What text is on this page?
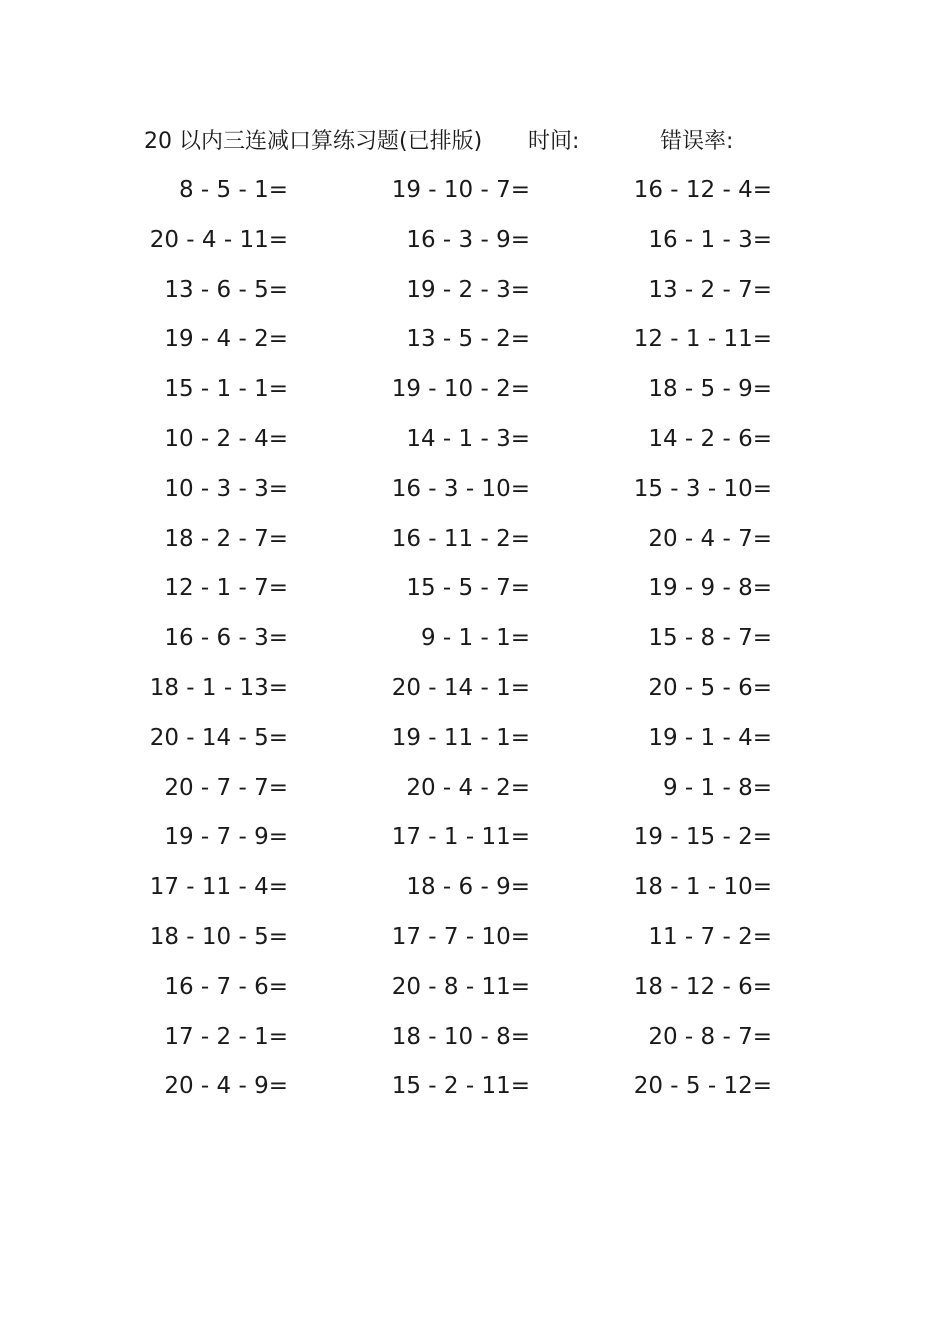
20 以内三连减口算练习题(已排版) 时间:	错误率:
8 - 5 - 1=	19 - 10 - 7=	16 - 12 - 4=
20 - 4 - 11=	16 - 3 - 9=	16 - 1 - 3=
13 - 6 - 5=	19 - 2 - 3=	13 - 2 - 7=
19 - 4 - 2=	13 - 5 - 2=	12 - 1 - 11=
15 - 1 - 1=	19 - 10 - 2=	18 - 5 - 9=
10 - 2 - 4=	14 - 1 - 3=	14 - 2 - 6=
10 - 3 - 3=	16 - 3 - 10=	15 - 3 - 10=
18 - 2 - 7=	16 - 11 - 2=	20 - 4 - 7=
12 - 1 - 7=	15 - 5 - 7=	19 - 9 - 8=
16 - 6 - 3=	9 - 1 - 1=	15 - 8 - 7=
18 - 1 - 13=	20 - 14 - 1=	20 - 5 - 6=
20 - 14 - 5=	19 - 11 - 1=	19 - 1 - 4=
20 - 7 - 7=	20 - 4 - 2=	9 - 1 - 8=
19 - 7 - 9=	17 - 1 - 11=	19 - 15 - 2=
17 - 11 - 4=	18 - 6 - 9=	18 - 1 - 10=
18 - 10 - 5=	17 - 7 - 10=	11 - 7 - 2=
16 - 7 - 6=	20 - 8 - 11=	18 - 12 - 6=
17 - 2 - 1=	18 - 10 - 8=	20 - 8 - 7=
20 - 4 - 9=	15 - 2 - 11=	20 - 5 - 12=
